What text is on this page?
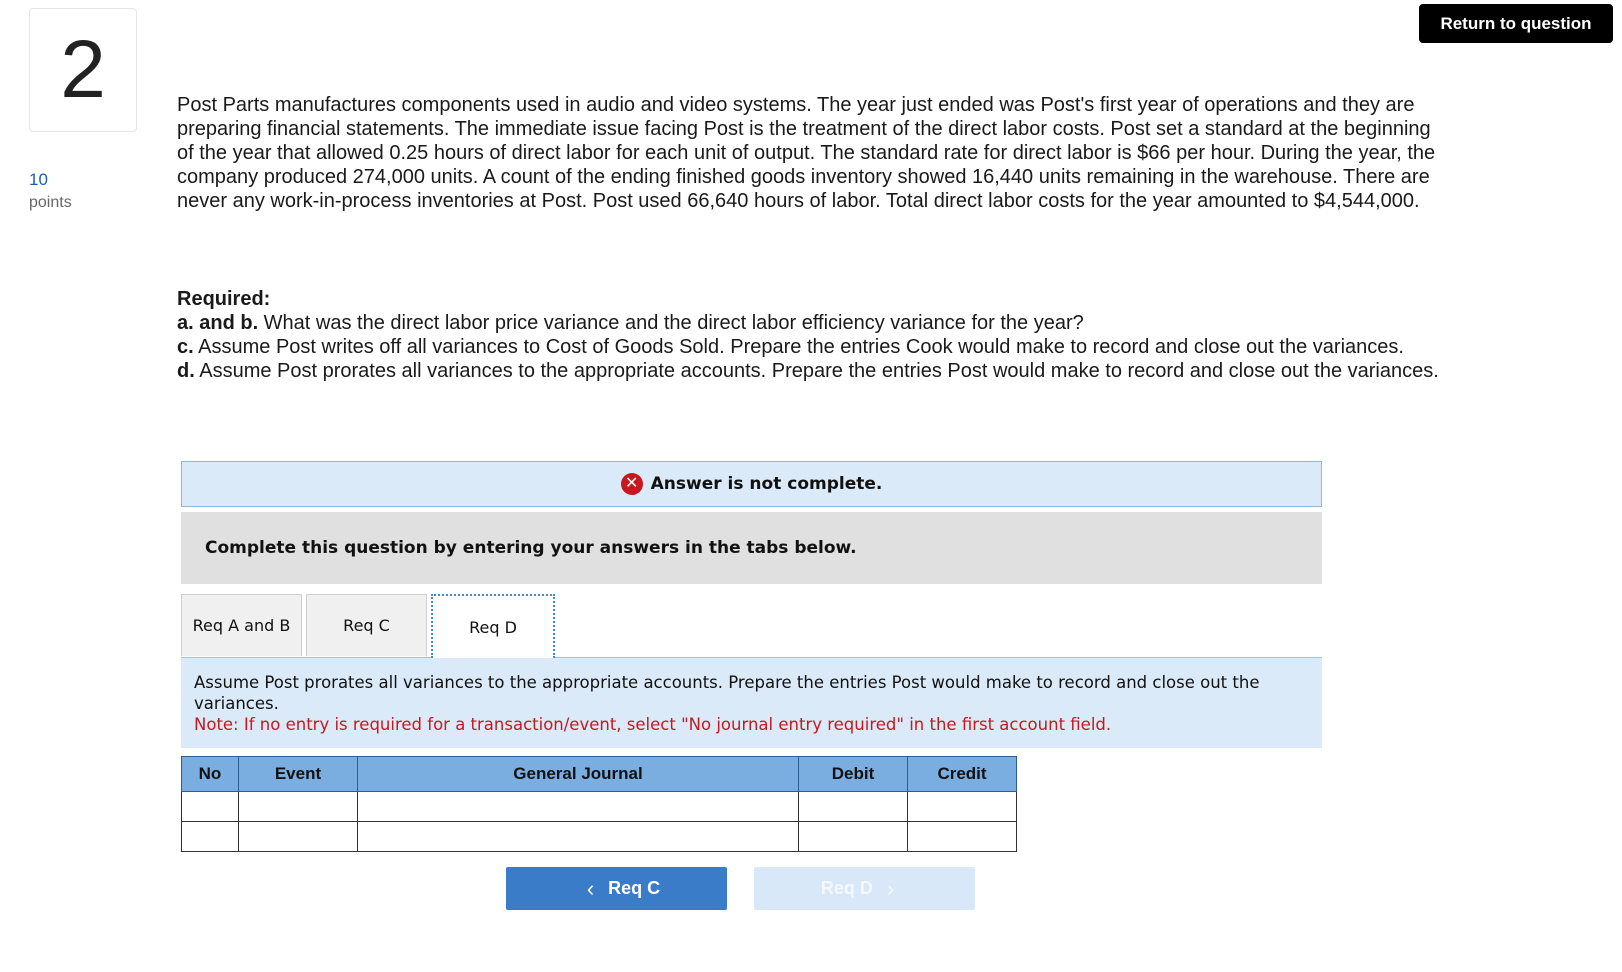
2
10
points
Return to question
Post Parts manufactures components used in audio and video systems. The year just ended was Post's first year of operations and they are preparing financial statements. The immediate issue facing Post is the treatment of the direct labor costs. Post set a standard at the beginning of the year that allowed 0.25 hours of direct labor for each unit of output. The standard rate for direct labor is $66 per hour. During the year, the company produced 274,000 units. A count of the ending finished goods inventory showed 16,440 units remaining in the warehouse. There are never any work-in-process inventories at Post. Post used 66,640 hours of labor. Total direct labor costs for the year amounted to $4,544,000.

Required:

a. and b. What was the direct labor price variance and the direct labor efficiency variance for the year?

c. Assume Post writes off all variances to Cost of Goods Sold. Prepare the entries Cook would make to record and close out the variances.

d. Assume Post prorates all variances to the appropriate accounts. Prepare the entries Post would make to record and close out the variances.

✕ Answer is not complete.
Complete this question by entering your answers in the tabs below.
Req A and B	Req C	Req D
Assume Post prorates all variances to the appropriate accounts. Prepare the entries Post would make to record and close out the variances.
Note: If no entry is required for a transaction/event, select "No journal entry required" in the first account field.
No	Event	General Journal	Debit	Credit

‹ Req C	Req D ›
